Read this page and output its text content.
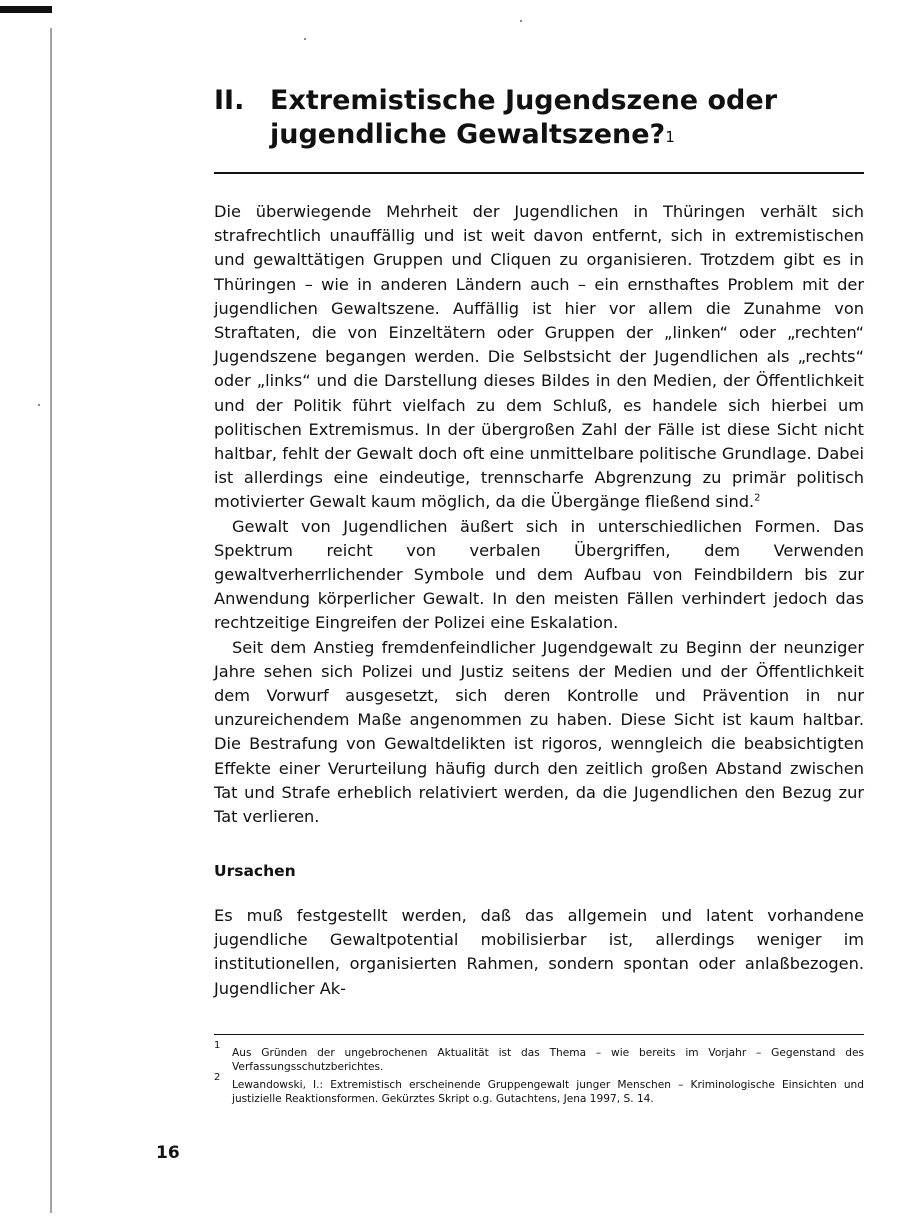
II. Extremistische Jugendszene oder
jugendliche Gewaltszene?$^1$

Die überwiegende Mehrheit der Jugendlichen in Thüringen verhält sich strafrechtlich unauffällig und ist weit davon entfernt, sich in extremistischen und gewalttätigen Gruppen und Cliquen zu organisieren. Trotzdem gibt es in Thüringen – wie in anderen Ländern auch – ein ernsthaftes Problem mit der jugendlichen Gewaltszene. Auffällig ist hier vor allem die Zunahme von Straftaten, die von Einzeltätern oder Gruppen der „linken“ oder „rechten“ Jugendszene begangen werden. Die Selbstsicht der Jugendlichen als „rechts“ oder „links“ und die Darstellung dieses Bildes in den Medien, der Öffentlichkeit und der Politik führt vielfach zu dem Schluß, es handele sich hierbei um politischen Extremismus. In der übergroßen Zahl der Fälle ist diese Sicht nicht haltbar, fehlt der Gewalt doch oft eine unmittelbare politische Grundlage. Dabei ist allerdings eine eindeutige, trennscharfe Abgrenzung zu primär politisch motivierter Gewalt kaum möglich, da die Übergänge fließend sind.$^2$

Gewalt von Jugendlichen äußert sich in unterschiedlichen Formen. Das Spektrum reicht von verbalen Übergriffen, dem Verwenden gewaltverherrlichender Symbole und dem Aufbau von Feindbildern bis zur Anwendung körperlicher Gewalt. In den meisten Fällen verhindert jedoch das rechtzeitige Eingreifen der Polizei eine Eskalation.

Seit dem Anstieg fremdenfeindlicher Jugendgewalt zu Beginn der neunziger Jahre sehen sich Polizei und Justiz seitens der Medien und der Öffentlichkeit dem Vorwurf ausgesetzt, sich deren Kontrolle und Prävention in nur unzureichendem Maße angenommen zu haben. Diese Sicht ist kaum haltbar. Die Bestrafung von Gewaltdelikten ist rigoros, wenngleich die beabsichtigten Effekte einer Verurteilung häufig durch den zeitlich großen Abstand zwischen Tat und Strafe erheblich relativiert werden, da die Jugendlichen den Bezug zur Tat verlieren.

Ursachen

Es muß festgestellt werden, daß das allgemein und latent vorhandene jugendliche Gewaltpotential mobilisierbar ist, allerdings weniger im institutionellen, organisierten Rahmen, sondern spontan oder anlaßbezogen. Jugendlicher Ak-

1
Aus Gründen der ungebrochenen Aktualität ist das Thema – wie bereits im Vorjahr – Gegenstand des Verfassungsschutzberichtes.
2
Lewandowski, I.: Extremistisch erscheinende Gruppengewalt junger Menschen – Kriminologische Einsichten und justizielle Reaktionsformen. Gekürztes Skript o.g. Gutachtens, Jena 1997, S. 14.
16
